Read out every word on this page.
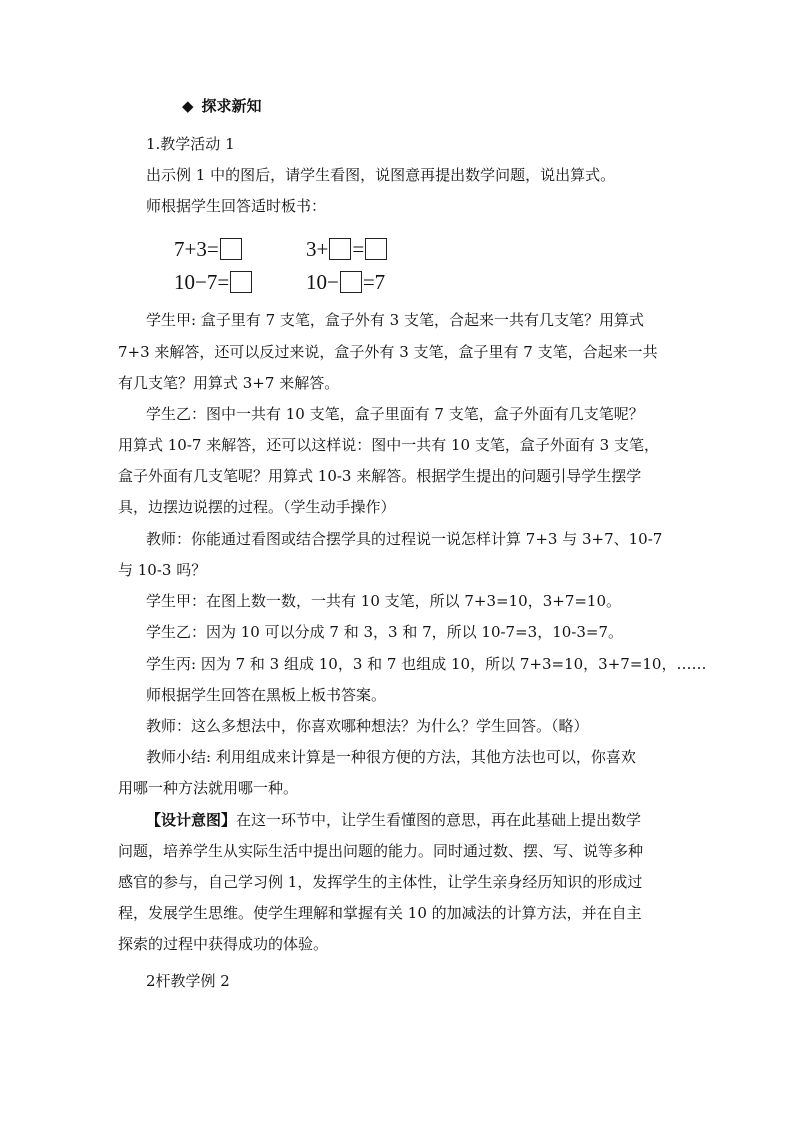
◆ 探求新知
1.教学活动 1
出示例 1 中的图后，请学生看图，说图意再提出数学问题，说出算式。
师根据学生回答适时板书：
7+3=	3+ =
10−7=	10− =7
学生甲: 盒子里有 7 支笔，盒子外有 3 支笔，合起来一共有几支笔？用算式
7+3 来解答，还可以反过来说，盒子外有 3 支笔，盒子里有 7 支笔，合起来一共
有几支笔？用算式 3+7 来解答。
学生乙：图中一共有 10 支笔，盒子里面有 7 支笔，盒子外面有几支笔呢？
用算式 10-7 来解答，还可以这样说：图中一共有 10 支笔，盒子外面有 3 支笔，
盒子外面有几支笔呢？用算式 10-3 来解答。根据学生提出的问题引导学生摆学
具，边摆边说摆的过程。（学生动手操作）
教师：你能通过看图或结合摆学具的过程说一说怎样计算 7+3 与 3+7、10-7
与 10-3 吗？
学生甲：在图上数一数，一共有 10 支笔，所以 7+3=10，3+7=10。
学生乙：因为 10 可以分成 7 和 3，3 和 7，所以 10-7=3，10-3=7。
学生丙: 因为 7 和 3 组成 10，3 和 7 也组成 10，所以 7+3=10，3+7=10，……
师根据学生回答在黑板上板书答案。
教师：这么多想法中，你喜欢哪种想法？为什么？学生回答。（略）
教师小结: 利用组成来计算是一种很方便的方法，其他方法也可以，你喜欢
用哪一种方法就用哪一种。
【设计意图】在这一环节中，让学生看懂图的意思，再在此基础上提出数学
问题，培养学生从实际生活中提出问题的能力。同时通过数、摆、写、说等多种
感官的参与，自己学习例 1，发挥学生的主体性，让学生亲身经历知识的形成过
程，发展学生思维。使学生理解和掌握有关 10 的加减法的计算方法，并在自主
探索的过程中获得成功的体验。
2杆教学例 2
